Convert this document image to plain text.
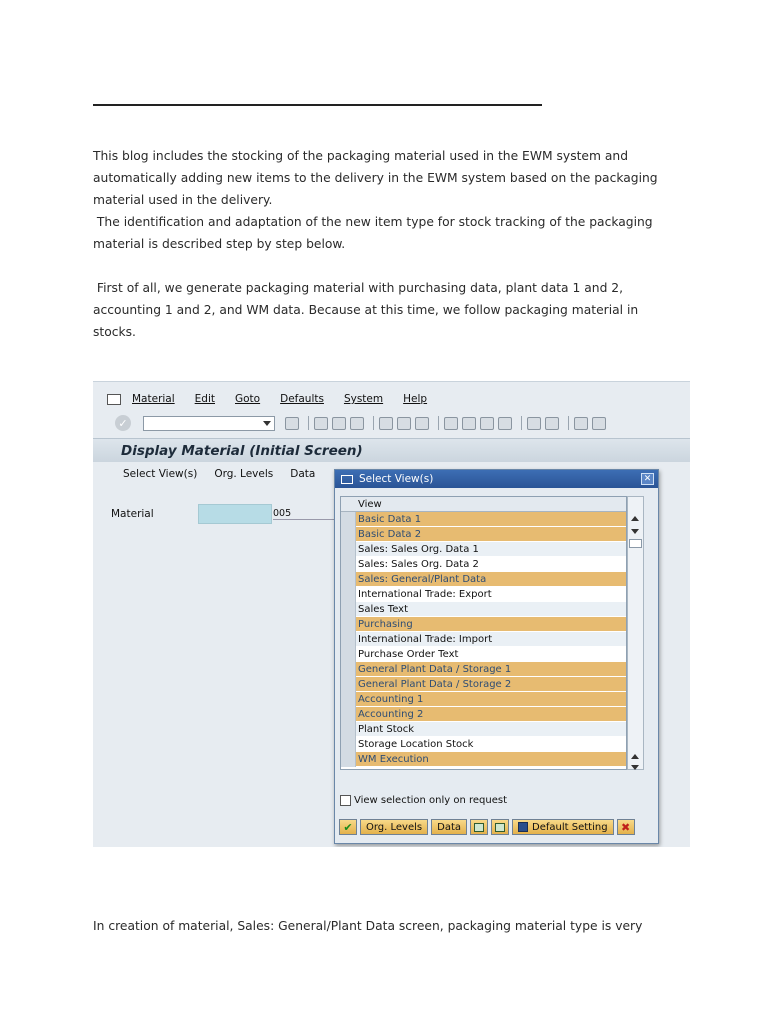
This blog includes the stocking of the packaging material used in the EWM system and
automatically adding new items to the delivery in the EWM system based on the packaging
material used in the delivery.
The identification and adaptation of the new item type for stock tracking of the packaging
material is described step by step below.
First of all, we generate packaging material with purchasing data, plant data 1 and 2,
accounting 1 and 2, and WM data. Because at this time, we follow packaging material in
stocks.
Material Edit Goto Defaults System Help
✓
Display Material (Initial Screen)
Select View(s) Org. Levels Data
Material	005
Select View(s)	✕
View
Basic Data 1
Basic Data 2
Sales: Sales Org. Data 1
Sales: Sales Org. Data 2
Sales: General/Plant Data
International Trade: Export
Sales Text
Purchasing
International Trade: Import
Purchase Order Text
General Plant Data / Storage 1
General Plant Data / Storage 2
Accounting 1
Accounting 2
Plant Stock
Storage Location Stock
WM Execution
View selection only on request
✔	Org. Levels	Data	Default Setting ✖
In creation of material, Sales: General/Plant Data screen, packaging material type is very
